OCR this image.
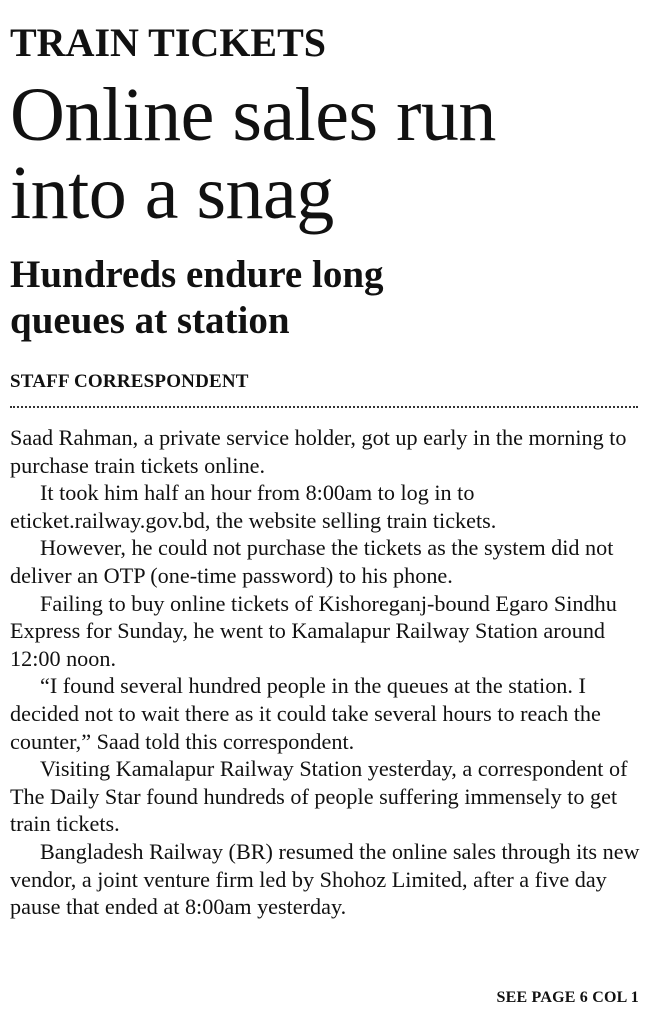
TRAIN TICKETS
Online sales run
into a snag
Hundreds endure long
queues at station
STAFF CORRESPONDENT

Saad Rahman, a private service holder, got up early in the morning to purchase train tickets online.

It took him half an hour from 8:00am to log in to eticket.railway.gov.bd, the website selling train tickets.

However, he could not purchase the tickets as the system did not deliver an OTP (one-time password) to his phone.

Failing to buy online tickets of Kishoreganj-bound Egaro Sindhu Express for Sunday, he went to Kamalapur Railway Station around 12:00 noon.

“I found several hundred people in the queues at the station. I decided not to wait there as it could take several hours to reach the counter,” Saad told this correspondent.

Visiting Kamalapur Railway Station yesterday, a correspondent of The Daily Star found hundreds of people suffering immensely to get train tickets.

Bangladesh Railway (BR) resumed the online sales through its new vendor, a joint venture firm led by Shohoz Limited, after a five day pause that ended at 8:00am yesterday.

SEE PAGE 6 COL 1
